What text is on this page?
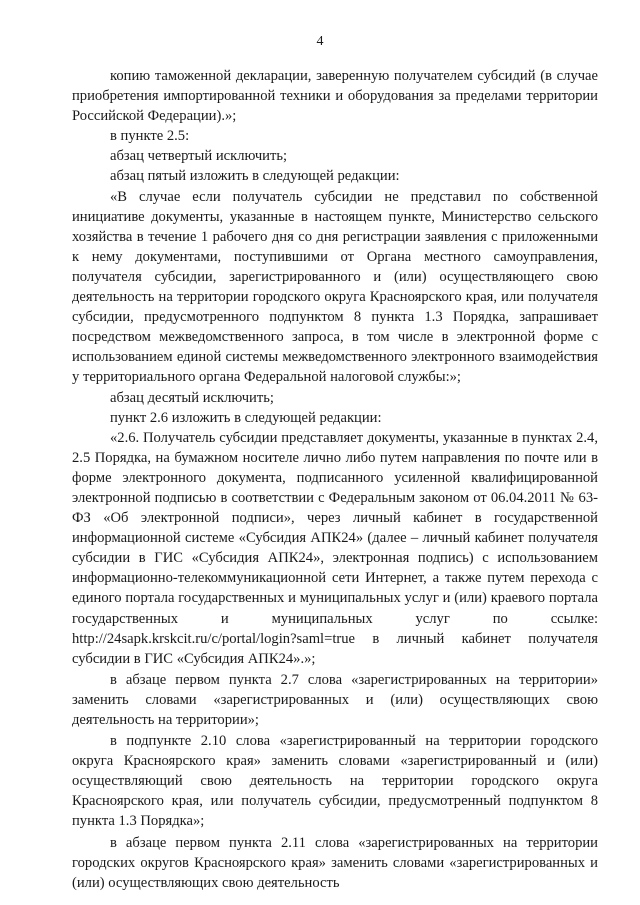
4

копию таможенной декларации, заверенную получателем субсидий (в случае приобретения импортированной техники и оборудования за пределами территории Российской Федерации).»;

в пункте 2.5:

абзац четвертый исключить;

абзац пятый изложить в следующей редакции:

«В случае если получатель субсидии не представил по собственной инициативе документы, указанные в настоящем пункте, Министерство сельского хозяйства в течение 1 рабочего дня со дня регистрации заявления с приложенными к нему документами, поступившими от Органа местного самоуправления, получателя субсидии, зарегистрированного и (или) осуществляющего свою деятельность на территории городского округа Красноярского края, или получателя субсидии, предусмотренного подпунктом 8 пункта 1.3 Порядка, запрашивает посредством межведомственного запроса, в том числе в электронной форме с использованием единой системы межведомственного электронного взаимодействия у территориального органа Федеральной налоговой службы:»;

абзац десятый исключить;

пункт 2.6 изложить в следующей редакции:

«2.6. Получатель субсидии представляет документы, указанные в пунктах 2.4, 2.5 Порядка, на бумажном носителе лично либо путем направления по почте или в форме электронного документа, подписанного усиленной квалифицированной электронной подписью в соответствии с Федеральным законом от 06.04.2011 № 63-ФЗ «Об электронной подписи», через личный кабинет в государственной информационной системе «Субсидия АПК24» (далее – личный кабинет получателя субсидии в ГИС «Субсидия АПК24», электронная подпись) с использованием информационно-телекоммуникационной сети Интернет, а также путем перехода с единого портала государственных и муниципальных услуг и (или) краевого портала государственных и муниципальных услуг по ссылке: http://24sapk.krskcit.ru/c/portal/login?saml=true в личный кабинет получателя субсидии в ГИС «Субсидия АПК24».»;

в абзаце первом пункта 2.7 слова «зарегистрированных на территории» заменить словами «зарегистрированных и (или) осуществляющих свою деятельность на территории»;

в подпункте 2.10 слова «зарегистрированный на территории городского округа Красноярского края» заменить словами «зарегистрированный и (или) осуществляющий свою деятельность на территории городского округа Красноярского края, или получатель субсидии, предусмотренный подпунктом 8 пункта 1.3 Порядка»;

в абзаце первом пункта 2.11 слова «зарегистрированных на территории городских округов Красноярского края» заменить словами «зарегистрированных и (или) осуществляющих свою деятельность
